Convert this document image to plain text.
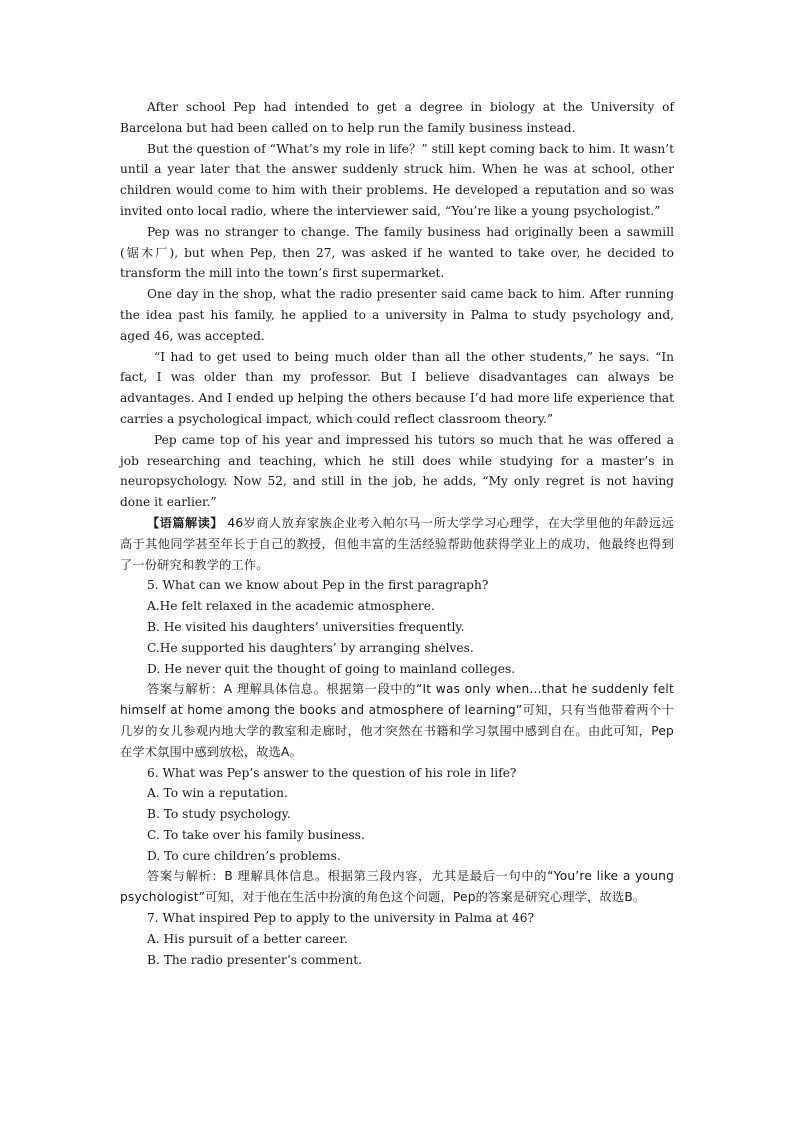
After school Pep had intended to get a degree in biology at the University of Barcelona but had been called on to help run the family business instead.

But the question of “What’s my role in life？” still kept coming back to him. It wasn’t until a year later that the answer suddenly struck him. When he was at school, other children would come to him with their problems. He developed a reputation and so was invited onto local radio, where the interviewer said, “You’re like a young psychologist.”

Pep was no stranger to change. The family business had originally been a sawmill (锯木厂), but when Pep, then 27, was asked if he wanted to take over, he decided to transform the mill into the town’s first supermarket.

One day in the shop, what the radio presenter said came back to him. After running the idea past his family, he applied to a university in Palma to study psychology and, aged 46, was accepted.

“I had to get used to being much older than all the other students,” he says. “In fact, I was older than my professor. But I believe disadvantages can always be advantages. And I ended up helping the others because I’d had more life experience that carries a psychological impact, which could reflect classroom theory.”

Pep came top of his year and impressed his tutors so much that he was offered a job researching and teaching, which he still does while studying for a master’s in neuropsychology. Now 52, and still in the job, he adds, “My only regret is not having done it earlier.”

【语篇解读】 46岁商人放弃家族企业考入帕尔马一所大学学习心理学，在大学里他的年龄远远高于其他同学甚至年长于自己的教授，但他丰富的生活经验帮助他获得学业上的成功，他最终也得到了一份研究和教学的工作。

5. What can we know about Pep in the first paragraph?

A.He felt relaxed in the academic atmosphere.

B. He visited his daughters’ universities frequently.

C.He supported his daughters’ by arranging shelves.

D. He never quit the thought of going to mainland colleges.

答案与解析：A 理解具体信息。根据第一段中的“It was only when...that he suddenly felt himself at home among the books and atmosphere of learning”可知，只有当他带着两个十几岁的女儿参观内地大学的教室和走廊时，他才突然在书籍和学习氛围中感到自在。由此可知，Pep在学术氛围中感到放松，故选A。

6. What was Pep’s answer to the question of his role in life?

A. To win a reputation.

B. To study psychology.

C. To take over his family business.

D. To cure children’s problems.

答案与解析：B 理解具体信息。根据第三段内容，尤其是最后一句中的“You’re like a young psychologist”可知，对于他在生活中扮演的角色这个问题，Pep的答案是研究心理学，故选B。

7. What inspired Pep to apply to the university in Palma at 46?

A. His pursuit of a better career.

B. The radio presenter’s comment.
